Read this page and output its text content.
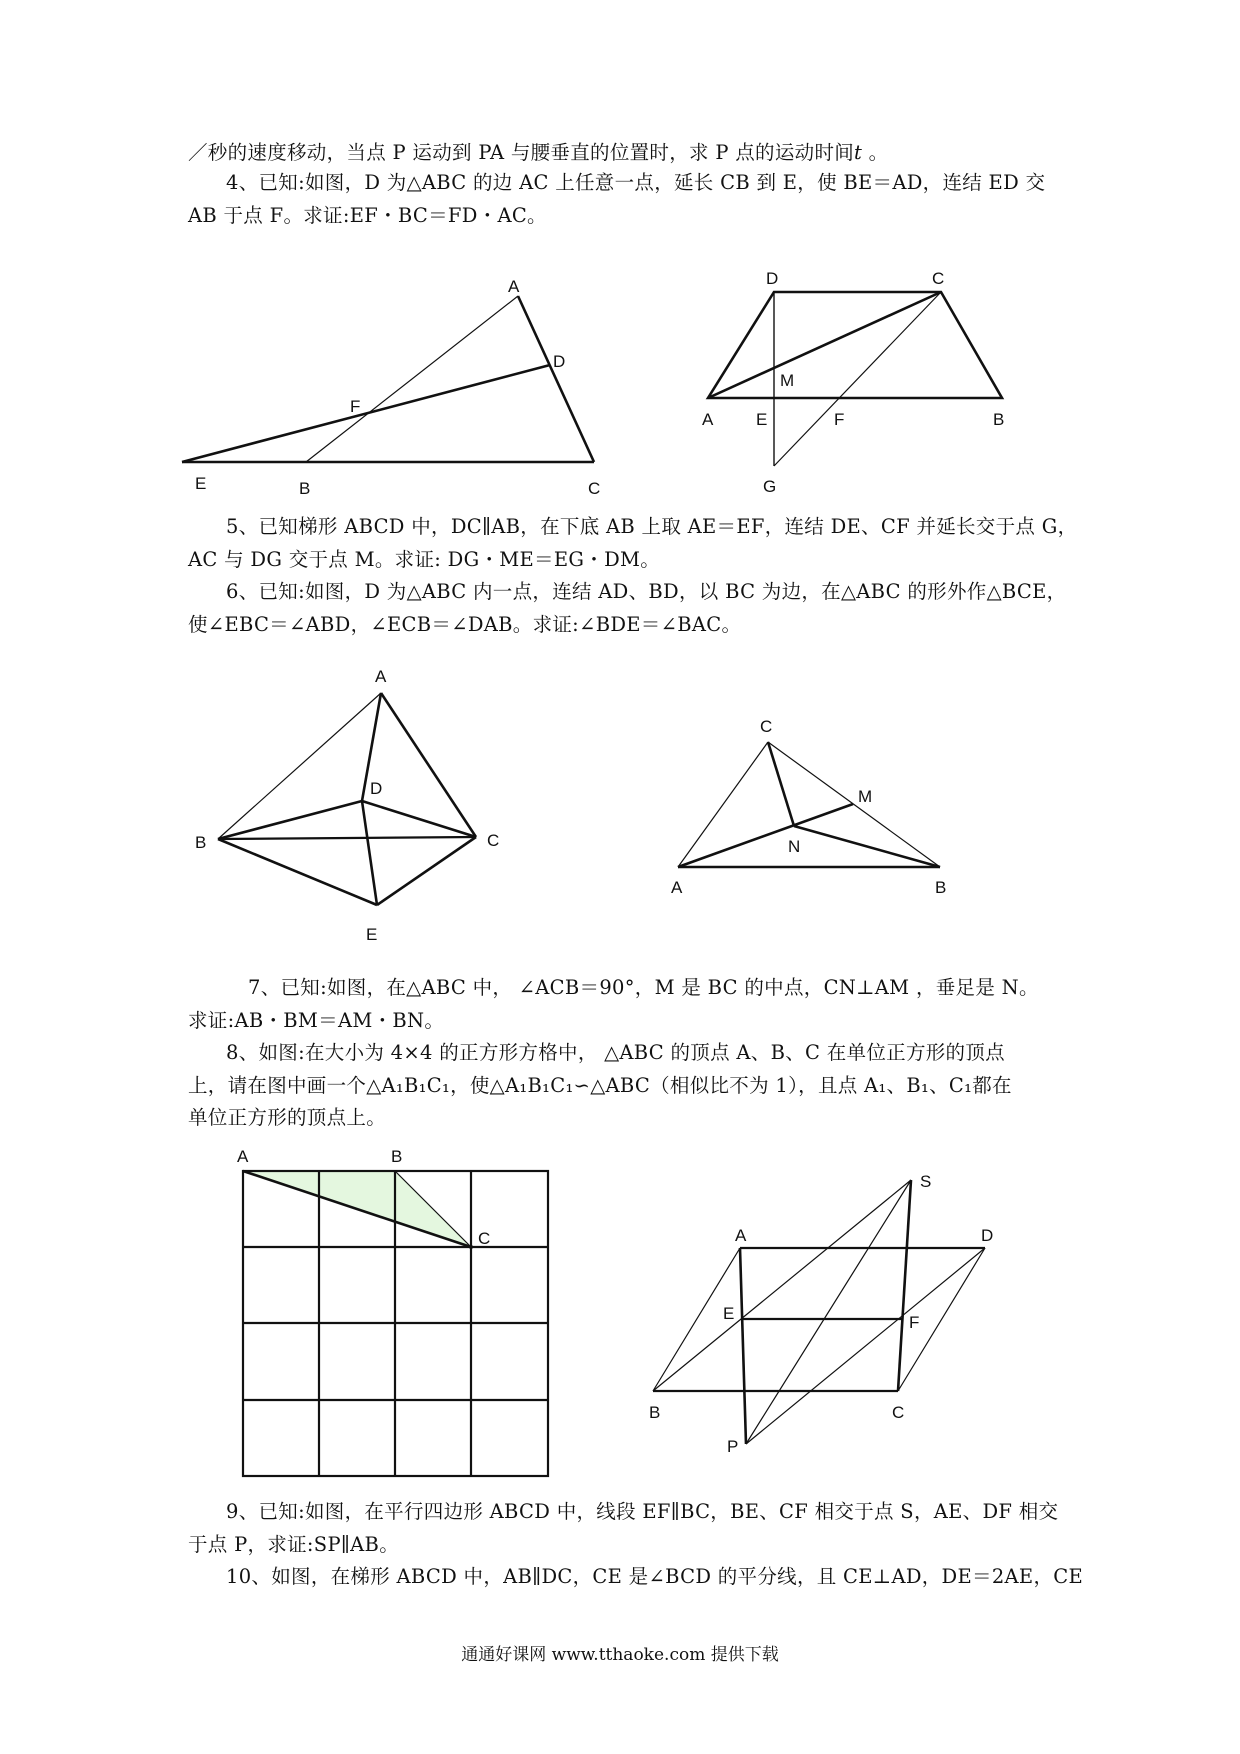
／秒的速度移动，当点 P 运动到 PA 与腰垂直的位置时，求 P 点的运动时间t 。
4、已知:如图，D 为△ABC 的边 AC 上任意一点，延长 CB 到 E，使 BE＝AD，连结 ED 交
AB 于点 F。求证:EF・BC＝FD・AC。
A
D
F
E	B	C
D	C
M
A	E	F	B
G
5、已知梯形 ABCD 中，DC∥AB，在下底 AB 上取 AE＝EF，连结 DE、CF 并延长交于点 G，
AC 与 DG 交于点 M。求证: DG・ME＝EG・DM。
6、已知:如图，D 为△ABC 内一点，连结 AD、BD，以 BC 为边，在△ABC 的形外作△BCE，
使∠EBC＝∠ABD，∠ECB＝∠DAB。求证:∠BDE＝∠BAC。
A
D
B	C
E
C
M
N
A	B
7、已知:如图，在△ABC 中， ∠ACB＝90°，M 是 BC 的中点，CN⊥AM ，垂足是 N。
求证:AB・BM＝AM・BN。
8、如图:在大小为 4×4 的正方形方格中， △ABC 的顶点 A、B、C 在单位正方形的顶点
上，请在图中画一个△A₁B₁C₁，使△A₁B₁C₁∽△ABC（相似比不为 1），且点 A₁、B₁、C₁都在
单位正方形的顶点上。
A	B
C
S
A	D
E	F
B	C
P
9、已知:如图，在平行四边形 ABCD 中，线段 EF∥BC，BE、CF 相交于点 S，AE、DF 相交
于点 P，求证:SP∥AB。
10、如图，在梯形 ABCD 中，AB∥DC，CE 是∠BCD 的平分线，且 CE⊥AD，DE＝2AE，CE
通通好课网 www.tthaoke.com 提供下载
